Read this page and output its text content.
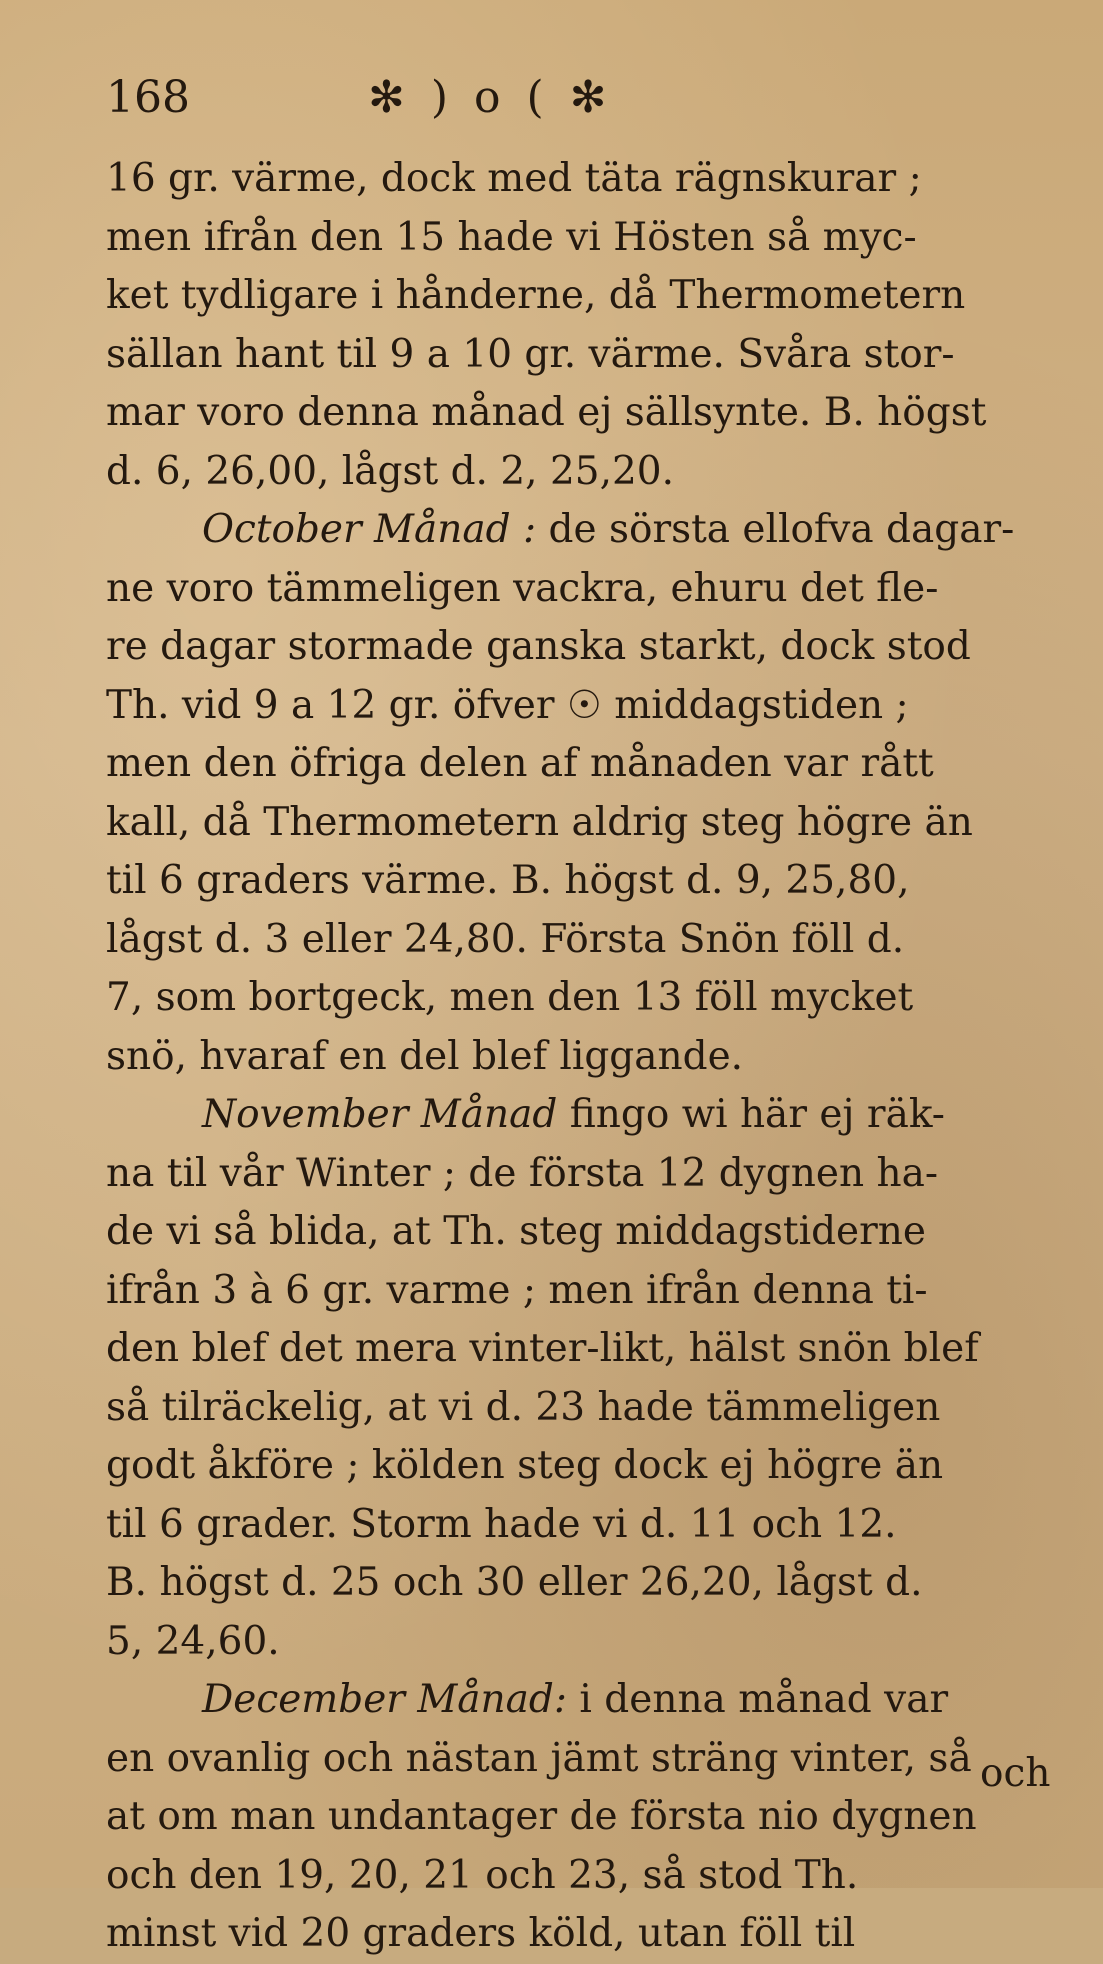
168	✻ ) o ( ✻
16 gr. värme, dock med täta rägnskurar ;
men ifrån den 15 hade vi Hösten så myc-
ket tydligare i hånderne, då Thermometern
sällan hant til 9 a 10 gr. värme. Svåra stor-
mar voro denna månad ej sällsynte. B. högst
d. 6, 26,00, lågst d. 2, 25,20.
October Månad : de sörsta ellofva dagar-
ne voro tämmeligen vackra, ehuru det fle-
re dagar stormade ganska starkt, dock stod
Th. vid 9 a 12 gr. öfver ☉ middagstiden ;
men den öfriga delen af månaden var rått
kall, då Thermometern aldrig steg högre än
til 6 graders värme. B. högst d. 9, 25,80,
lågst d. 3 eller 24,80. Första Snön föll d.
7, som bortgeck, men den 13 föll mycket
snö, hvaraf en del blef liggande.
November Månad fingo wi här ej räk-
na til vår Winter ; de första 12 dygnen ha-
de vi så blida, at Th. steg middagstiderne
ifrån 3 à 6 gr. varme ; men ifrån denna ti-
den blef det mera vinter-likt, hälst snön blef
så tilräckelig, at vi d. 23 hade tämmeligen
godt åkföre ; kölden steg dock ej högre än
til 6 grader. Storm hade vi d. 11 och 12.
B. högst d. 25 och 30 eller 26,20, lågst d.
5, 24,60.
December Månad: i denna månad var
en ovanlig och nästan jämt sträng vinter, så
at om man undantager de första nio dygnen
och den 19, 20, 21 och 23, så stod Th.
minst vid 20 graders köld, utan föll til
och
